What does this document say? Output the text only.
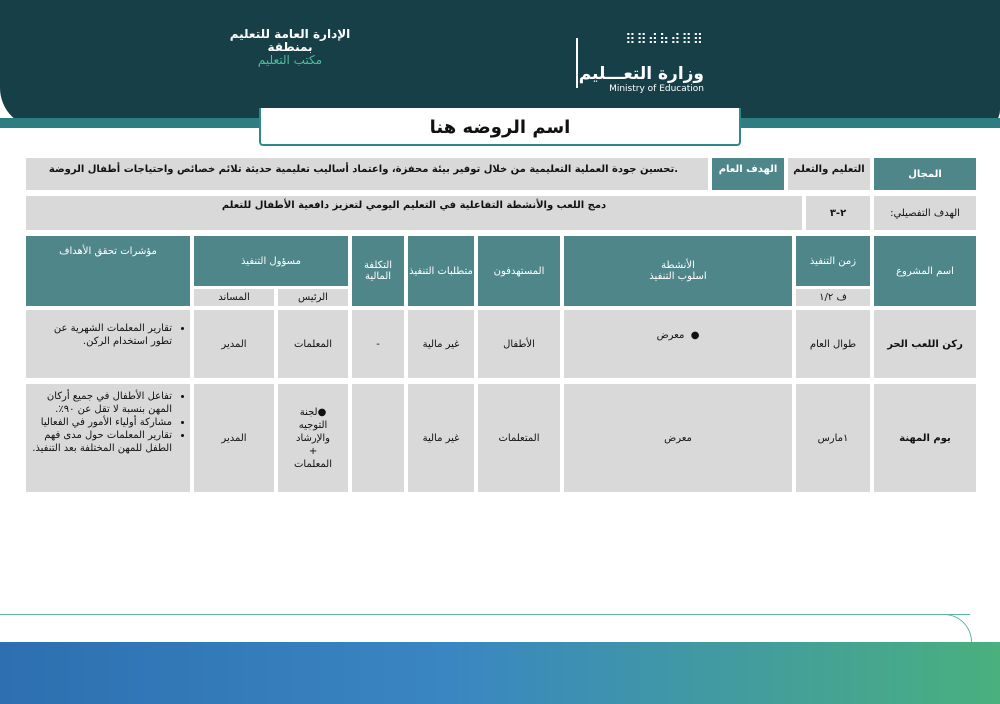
⠿⠿⠾⠷⠾⠿⠿
وزارة التعـــليم
Ministry of Education
الإدارة العامة للتعليم
بمنطقة
مكتب التعليم
اسم الروضه هنا
المجال
التعليم والتعلم
الهدف العام
.تحسين جودة العملية التعليمية من خلال توفير بيئة محفزة، واعتماد أساليب تعليمية حديثة تلائم خصائص واحتياجات أطفال الروضة
الهدف التفصيلي:
٢-٣
دمج اللعب والأنشطة التفاعلية في التعليم اليومي لتعزيز دافعية الأطفال للتعلم
اسم المشروع
زمن التنفيذ
ف ١/٢
الأنشطة
اسلوب التنفيذ
المستهدفون
متطلبات التنفيذ
التكلفة المالية
مسؤول التنفيذ
الرئيس
المساند
مؤشرات تحقق الأهداف
ركن اللعب الحر
طوال العام
●
معرض
الأطفال
غير مالية
-
المعلمات
المدير
• تقارير المعلمات الشهرية عن تطور استخدام الركن.
يوم المهنة
١مارس
معرض
المتعلمات
غير مالية
●لجنة
التوجيه
والإرشاد
+
المعلمات
المدير
• تفاعل الأطفال في جميع أركان المهن بنسبة لا تقل عن ٩٠٪.
• مشاركة أولياء الأمور في الفعاليا
• تقارير المعلمات حول مدى فهم الطفل للمهن المختلفة بعد التنفيذ.
